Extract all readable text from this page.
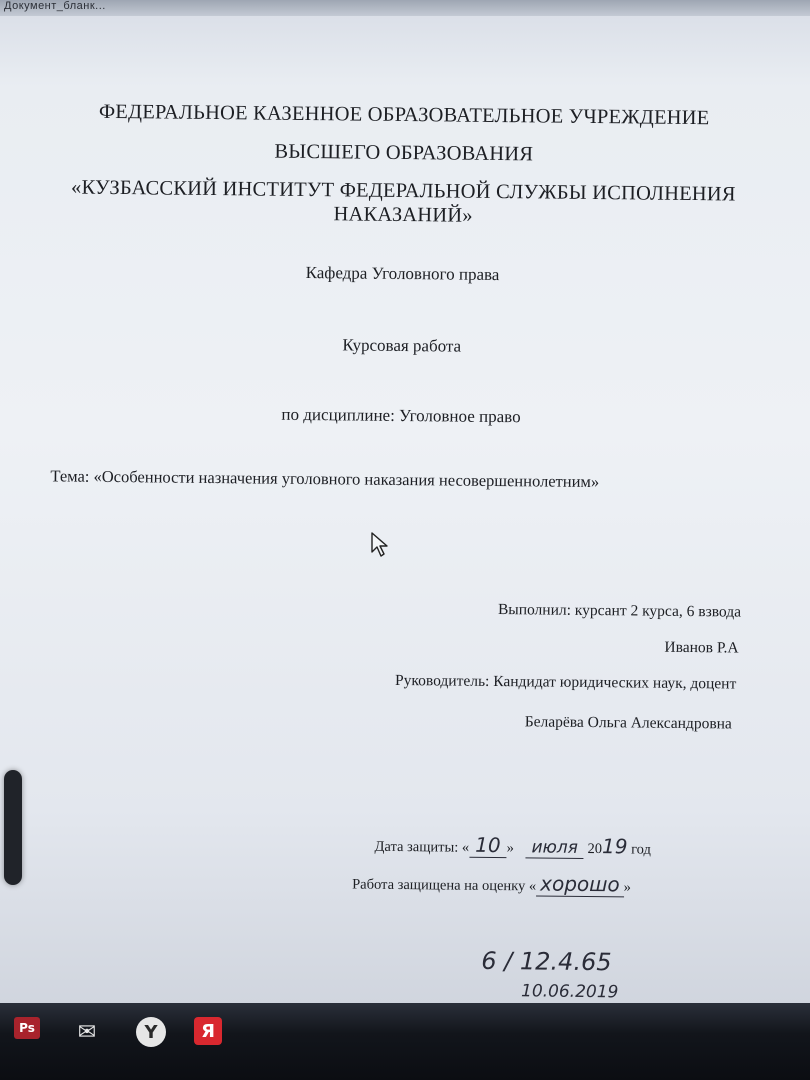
Документ_бланк...
ФЕДЕРАЛЬНОЕ КАЗЕННОЕ ОБРАЗОВАТЕЛЬНОЕ УЧРЕЖДЕНИЕ
ВЫСШЕГО ОБРАЗОВАНИЯ
«КУЗБАССКИЙ ИНСТИТУТ ФЕДЕРАЛЬНОЙ СЛУЖБЫ ИСПОЛНЕНИЯ
НАКАЗАНИЙ»
Кафедра Уголовного права
Курсовая работа
по дисциплине: Уголовное право
Тема: «Особенности назначения уголовного наказания несовершеннолетним»
Выполнил: курсант 2 курса, 6 взвода
Иванов Р.А
Руководитель: Кандидат юридических наук, доцент
Беларёва Ольга Александровна
Дата защиты: « 10 » июля 2019 год
Работа защищена на оценку « хорошо »
6 / 12.4.65
10.06.2019
Ps ✉	Y	Я
